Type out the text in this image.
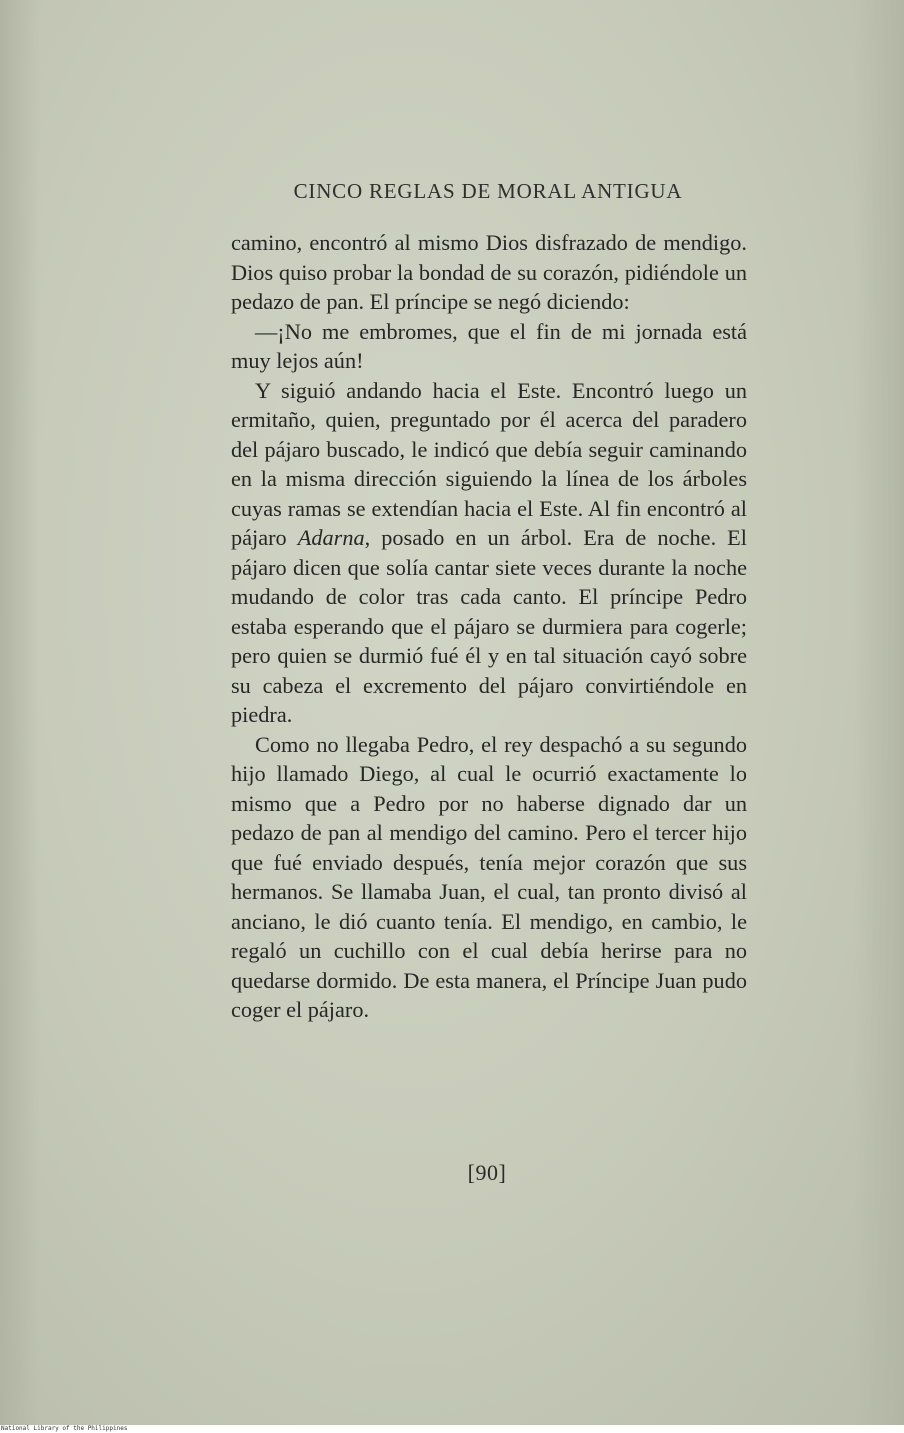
CINCO REGLAS DE MORAL ANTIGUA

camino, encontró al mismo Dios disfrazado de mendigo. Dios quiso probar la bondad de su corazón, pidiéndole un pedazo de pan. El príncipe se negó diciendo:

—¡No me embromes, que el fin de mi jornada está muy lejos aún!

Y siguió andando hacia el Este. Encontró luego un ermitaño, quien, preguntado por él acerca del paradero del pájaro buscado, le indicó que debía seguir caminando en la misma dirección siguiendo la línea de los árboles cuyas ramas se extendían hacia el Este. Al fin encontró al pájaro Adarna, posado en un árbol. Era de noche. El pájaro dicen que solía cantar siete veces durante la noche mudando de color tras cada canto. El príncipe Pedro estaba esperando que el pájaro se durmiera para cogerle; pero quien se durmió fué él y en tal situación cayó sobre su cabeza el excremento del pájaro convirtiéndole en piedra.

Como no llegaba Pedro, el rey despachó a su segundo hijo llamado Diego, al cual le ocurrió exactamente lo mismo que a Pedro por no haberse dignado dar un pedazo de pan al mendigo del camino. Pero el tercer hijo que fué enviado después, tenía mejor corazón que sus hermanos. Se llamaba Juan, el cual, tan pronto divisó al anciano, le dió cuanto tenía. El mendigo, en cambio, le regaló un cuchillo con el cual debía herirse para no quedarse dormido. De esta manera, el Príncipe Juan pudo coger el pájaro.

[90]
National Library of the Philippines
